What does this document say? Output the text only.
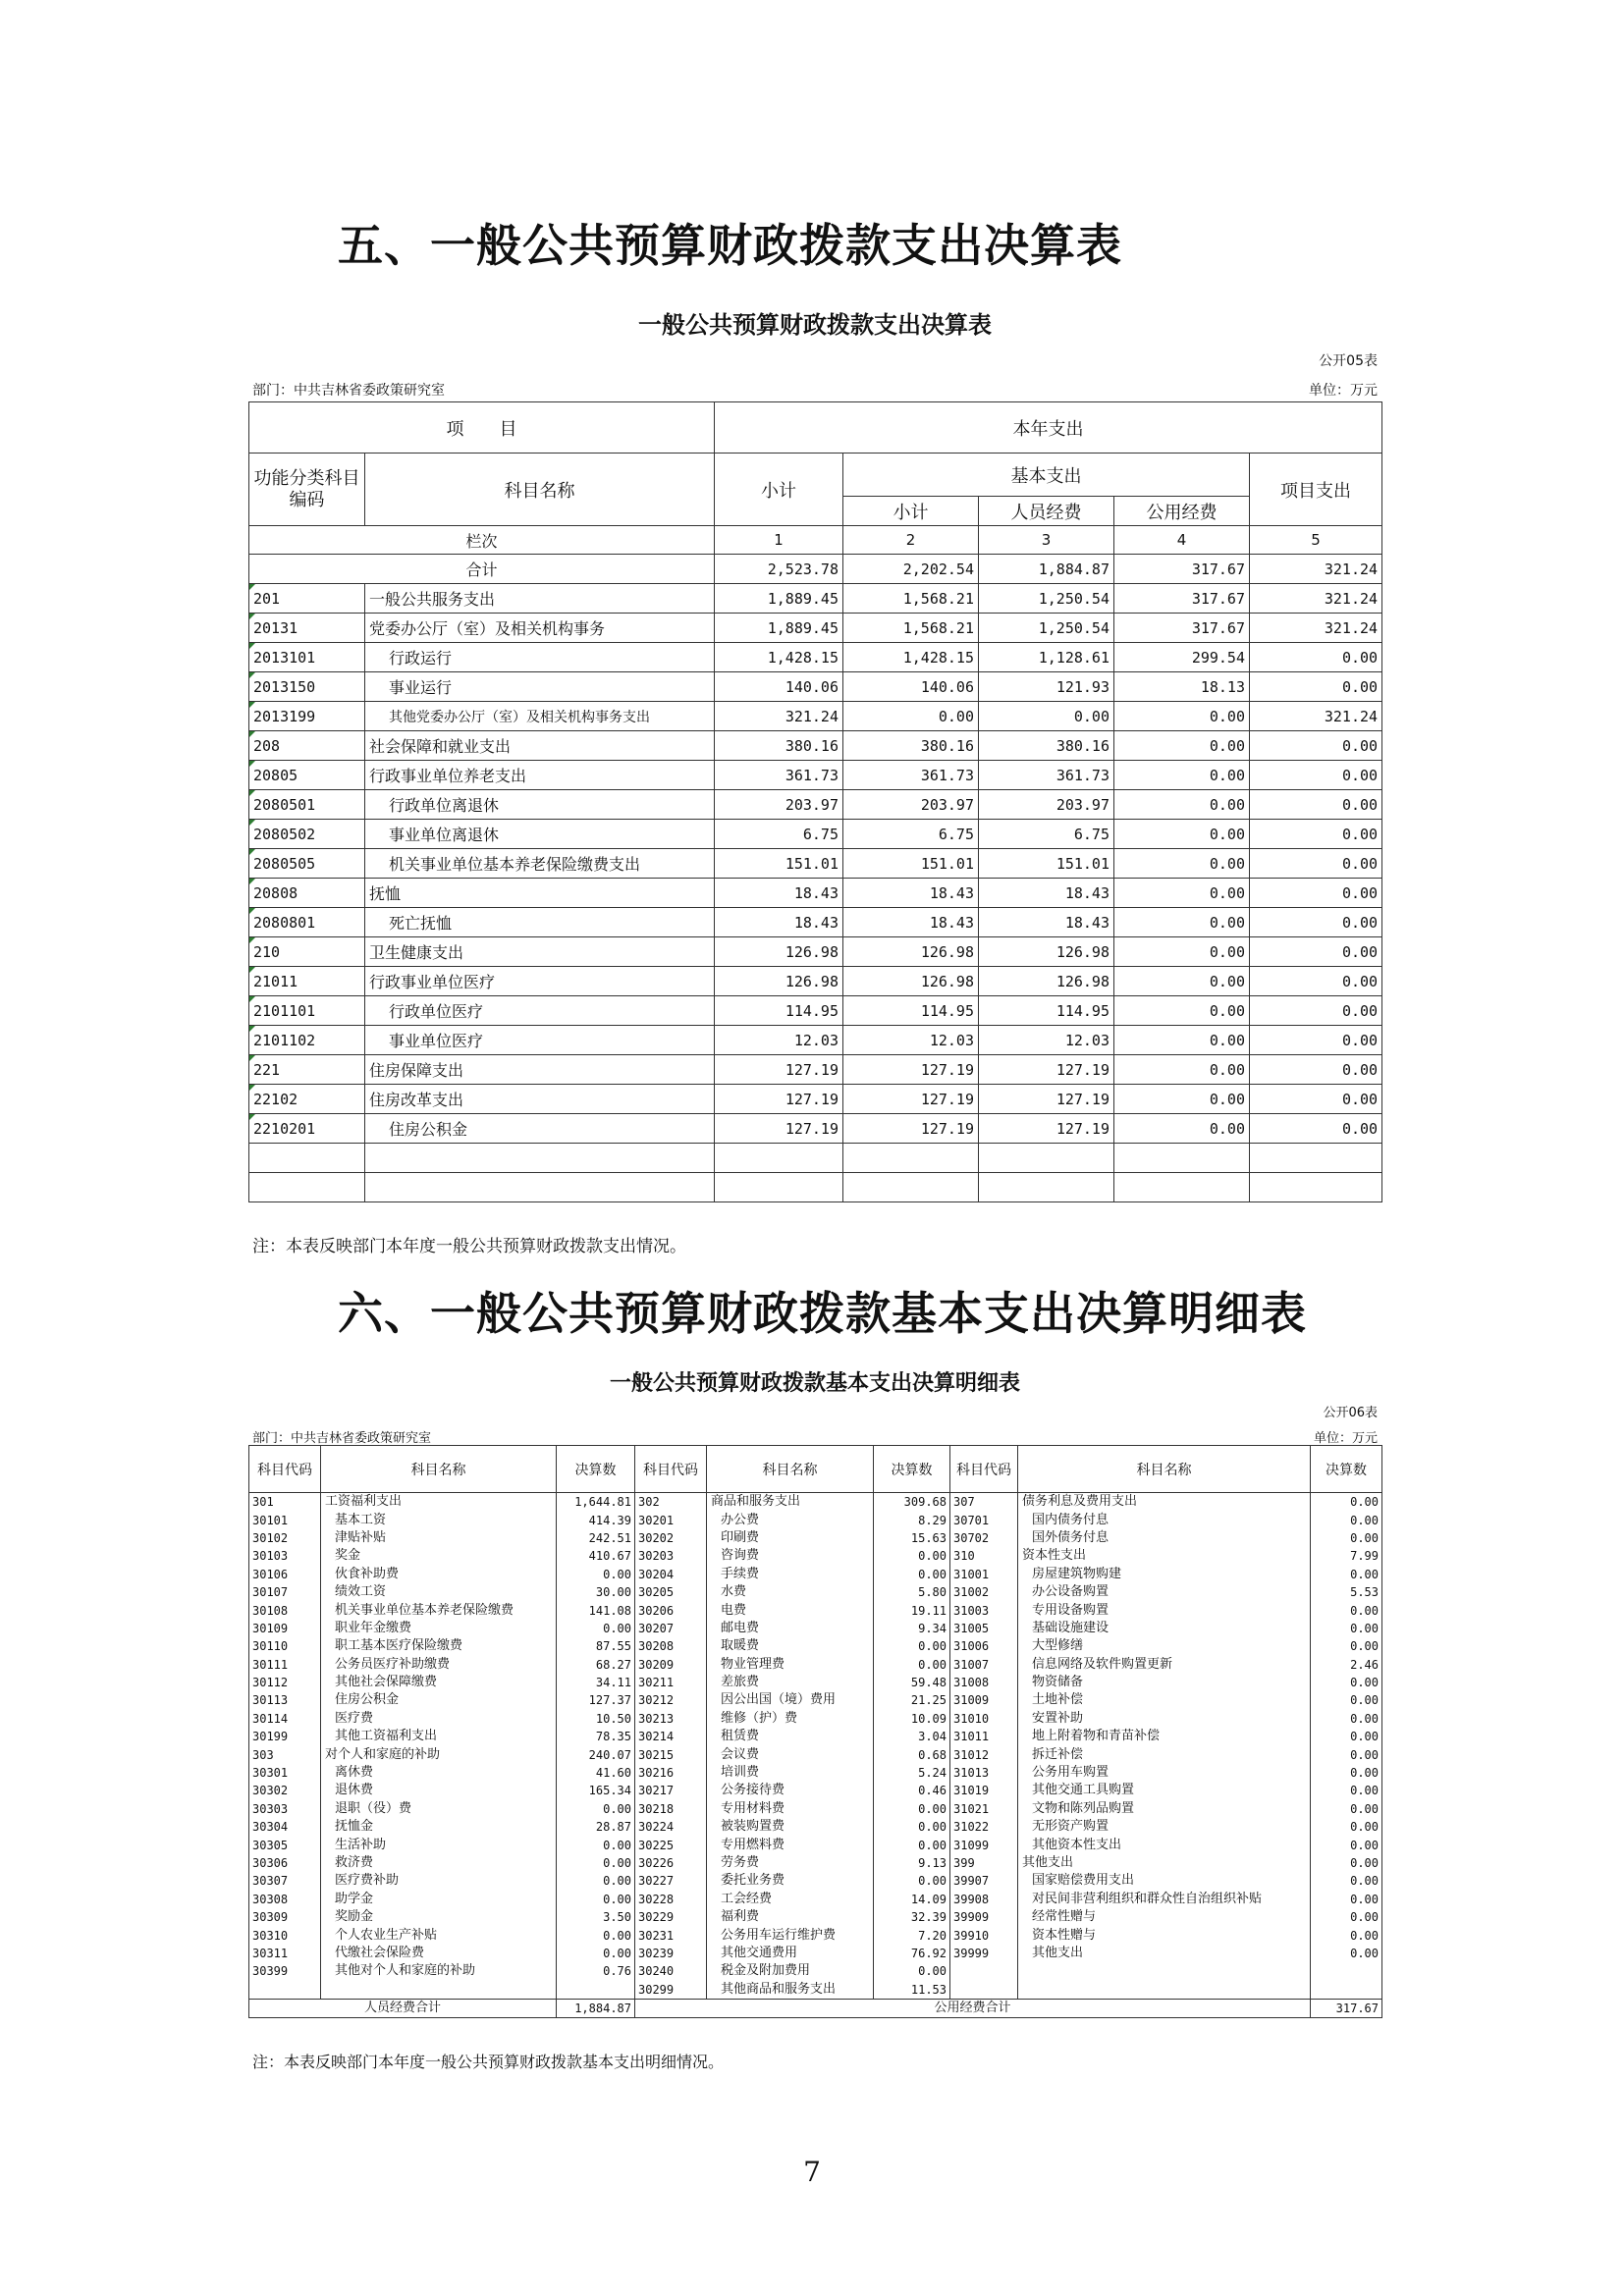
五、一般公共预算财政拨款支出决算表
一般公共预算财政拨款支出决算表
公开05表
部门：中共吉林省委政策研究室	单位：万元
项　　目		本年支出				
功能分类科目编码	科目名称	小计	基本支出			项目支出
			小计	人员经费	公用经费	
栏次		1	2	3	4	5
合计		2,523.78	2,202.54	1,884.87	317.67	321.24
201	一般公共服务支出	1,889.45	1,568.21	1,250.54	317.67	321.24
20131	党委办公厅（室）及相关机构事务	1,889.45	1,568.21	1,250.54	317.67	321.24
2013101	行政运行	1,428.15	1,428.15	1,128.61	299.54	0.00
2013150	事业运行	140.06	140.06	121.93	18.13	0.00
2013199	其他党委办公厅（室）及相关机构事务支出	321.24	0.00	0.00	0.00	321.24
208	社会保障和就业支出	380.16	380.16	380.16	0.00	0.00
20805	行政事业单位养老支出	361.73	361.73	361.73	0.00	0.00
2080501	行政单位离退休	203.97	203.97	203.97	0.00	0.00
2080502	事业单位离退休	6.75	6.75	6.75	0.00	0.00
2080505	机关事业单位基本养老保险缴费支出	151.01	151.01	151.01	0.00	0.00
20808	抚恤	18.43	18.43	18.43	0.00	0.00
2080801	死亡抚恤	18.43	18.43	18.43	0.00	0.00
210	卫生健康支出	126.98	126.98	126.98	0.00	0.00
21011	行政事业单位医疗	126.98	126.98	126.98	0.00	0.00
2101101	行政单位医疗	114.95	114.95	114.95	0.00	0.00
2101102	事业单位医疗	12.03	12.03	12.03	0.00	0.00
221	住房保障支出	127.19	127.19	127.19	0.00	0.00
22102	住房改革支出	127.19	127.19	127.19	0.00	0.00
2210201	住房公积金	127.19	127.19	127.19	0.00	0.00

注：本表反映部门本年度一般公共预算财政拨款支出情况。
六、一般公共预算财政拨款基本支出决算明细表
一般公共预算财政拨款基本支出决算明细表
公开06表
部门：中共吉林省委政策研究室	单位：万元
科目代码	科目名称	决算数	科目代码	科目名称	决算数	科目代码	科目名称	决算数
301	工资福利支出	1,644.81	302	商品和服务支出	309.68	307	债务利息及费用支出	0.00
30101	基本工资	414.39	30201	办公费	8.29	30701	国内债务付息	0.00
30102	津贴补贴	242.51	30202	印刷费	15.63	30702	国外债务付息	0.00
30103	奖金	410.67	30203	咨询费	0.00	310	资本性支出	7.99
30106	伙食补助费	0.00	30204	手续费	0.00	31001	房屋建筑物购建	0.00
30107	绩效工资	30.00	30205	水费	5.80	31002	办公设备购置	5.53
30108	机关事业单位基本养老保险缴费	141.08	30206	电费	19.11	31003	专用设备购置	0.00
30109	职业年金缴费	0.00	30207	邮电费	9.34	31005	基础设施建设	0.00
30110	职工基本医疗保险缴费	87.55	30208	取暖费	0.00	31006	大型修缮	0.00
30111	公务员医疗补助缴费	68.27	30209	物业管理费	0.00	31007	信息网络及软件购置更新	2.46
30112	其他社会保障缴费	34.11	30211	差旅费	59.48	31008	物资储备	0.00
30113	住房公积金	127.37	30212	因公出国（境）费用	21.25	31009	土地补偿	0.00
30114	医疗费	10.50	30213	维修（护）费	10.09	31010	安置补助	0.00
30199	其他工资福利支出	78.35	30214	租赁费	3.04	31011	地上附着物和青苗补偿	0.00
303	对个人和家庭的补助	240.07	30215	会议费	0.68	31012	拆迁补偿	0.00
30301	离休费	41.60	30216	培训费	5.24	31013	公务用车购置	0.00
30302	退休费	165.34	30217	公务接待费	0.46	31019	其他交通工具购置	0.00
30303	退职（役）费	0.00	30218	专用材料费	0.00	31021	文物和陈列品购置	0.00
30304	抚恤金	28.87	30224	被装购置费	0.00	31022	无形资产购置	0.00
30305	生活补助	0.00	30225	专用燃料费	0.00	31099	其他资本性支出	0.00
30306	救济费	0.00	30226	劳务费	9.13	399	其他支出	0.00
30307	医疗费补助	0.00	30227	委托业务费	0.00	39907	国家赔偿费用支出	0.00
30308	助学金	0.00	30228	工会经费	14.09	39908	对民间非营利组织和群众性自治组织补贴	0.00
30309	奖励金	3.50	30229	福利费	32.39	39909	经常性赠与	0.00
30310	个人农业生产补贴	0.00	30231	公务用车运行维护费	7.20	39910	资本性赠与	0.00
30311	代缴社会保险费	0.00	30239	其他交通费用	76.92	39999	其他支出	0.00
30399	其他对个人和家庭的补助	0.76	30240	税金及附加费用	0.00			
			30299	其他商品和服务支出	11.53			
人员经费合计		1,884.87	公用经费合计					317.67
注：本表反映部门本年度一般公共预算财政拨款基本支出明细情况。
7
